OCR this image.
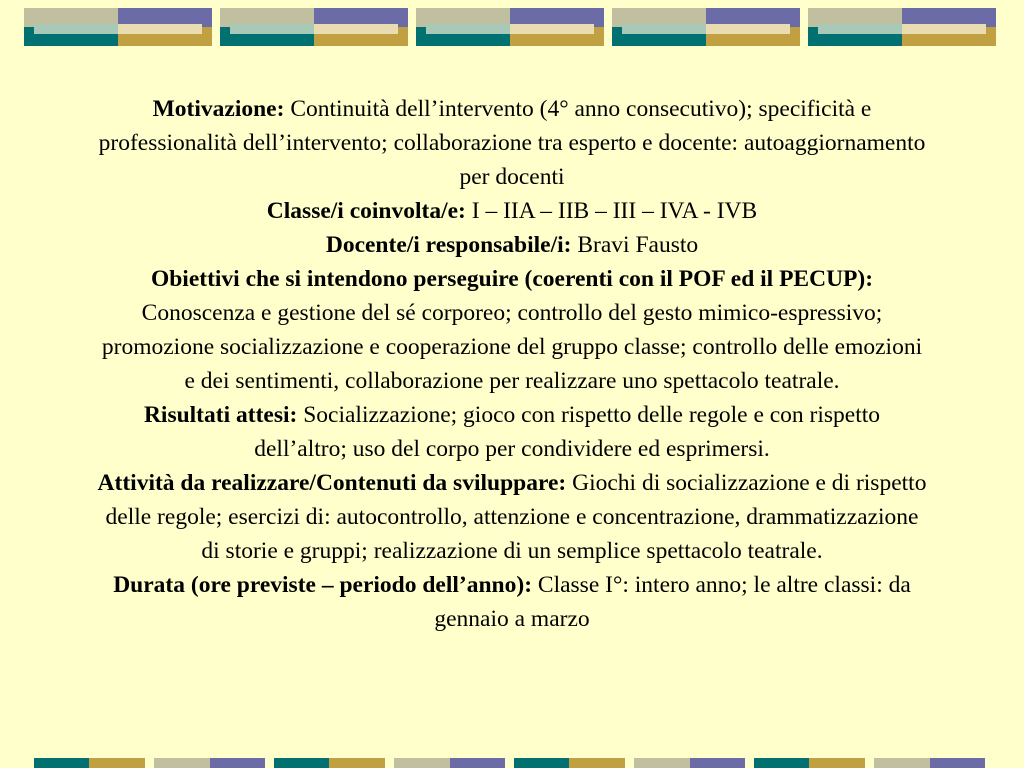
Motivazione: Continuità dell’intervento (4° anno consecutivo); specificità e professionalità dell’intervento; collaborazione tra esperto e docente: autoaggiornamento per docenti

Classe/i coinvolta/e: I – IIA – IIB – III – IVA - IVB

Docente/i responsabile/i: Bravi Fausto

Obiettivi che si intendono perseguire (coerenti con il POF ed il PECUP): Conoscenza e gestione del sé corporeo; controllo del gesto mimico-espressivo; promozione socializzazione e cooperazione del gruppo classe; controllo delle emozioni e dei sentimenti, collaborazione per realizzare uno spettacolo teatrale.

Risultati attesi: Socializzazione; gioco con rispetto delle regole e con rispetto dell’altro; uso del corpo per condividere ed esprimersi.

Attività da realizzare/Contenuti da sviluppare: Giochi di socializzazione e di rispetto delle regole; esercizi di: autocontrollo, attenzione e concentrazione, drammatizzazione di storie e gruppi; realizzazione di un semplice spettacolo teatrale.

Durata (ore previste – periodo dell’anno): Classe I°: intero anno; le altre classi: da gennaio a marzo
